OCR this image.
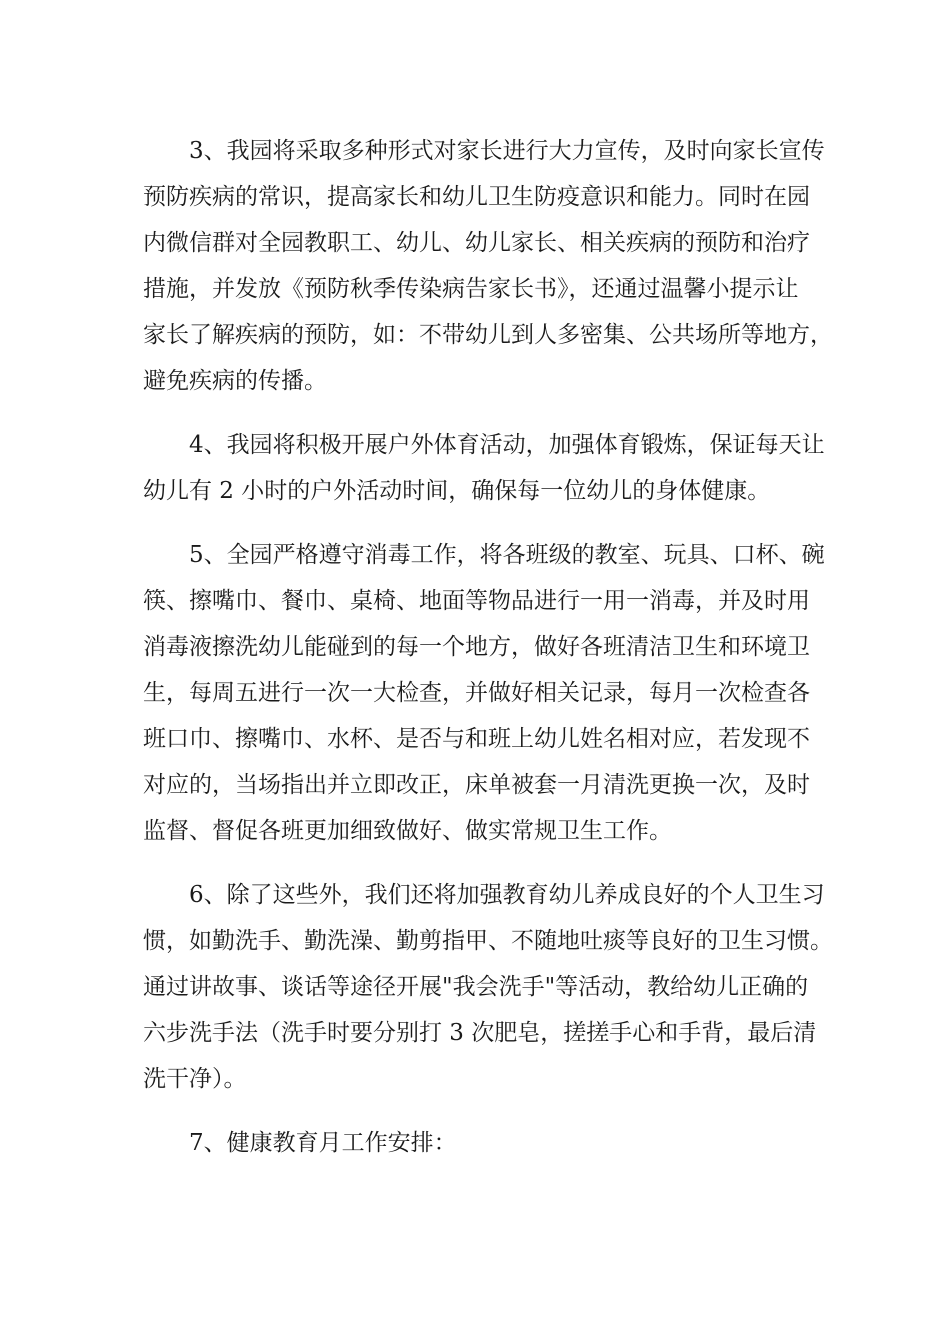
3、我园将采取多种形式对家长进行大力宣传，及时向家长宣传
预防疾病的常识，提高家长和幼儿卫生防疫意识和能力。同时在园
内微信群对全园教职工、幼儿、幼儿家长、相关疾病的预防和治疗
措施，并发放《预防秋季传染病告家长书》，还通过温馨小提示让
家长了解疾病的预防，如：不带幼儿到人多密集、公共场所等地方，
避免疾病的传播。
4、我园将积极开展户外体育活动，加强体育锻炼，保证每天让
幼儿有 2 小时的户外活动时间，确保每一位幼儿的身体健康。
5、全园严格遵守消毒工作，将各班级的教室、玩具、口杯、碗
筷、擦嘴巾、餐巾、桌椅、地面等物品进行一用一消毒，并及时用
消毒液擦洗幼儿能碰到的每一个地方，做好各班清洁卫生和环境卫
生，每周五进行一次一大检查，并做好相关记录，每月一次检查各
班口巾、擦嘴巾、水杯、是否与和班上幼儿姓名相对应，若发现不
对应的，当场指出并立即改正，床单被套一月清洗更换一次，及时
监督、督促各班更加细致做好、做实常规卫生工作。
6、除了这些外，我们还将加强教育幼儿养成良好的个人卫生习
惯，如勤洗手、勤洗澡、勤剪指甲、不随地吐痰等良好的卫生习惯。
通过讲故事、谈话等途径开展"我会洗手"等活动，教给幼儿正确的
六步洗手法（洗手时要分别打 3 次肥皂，搓搓手心和手背，最后清
洗干净）。
7、健康教育月工作安排：
